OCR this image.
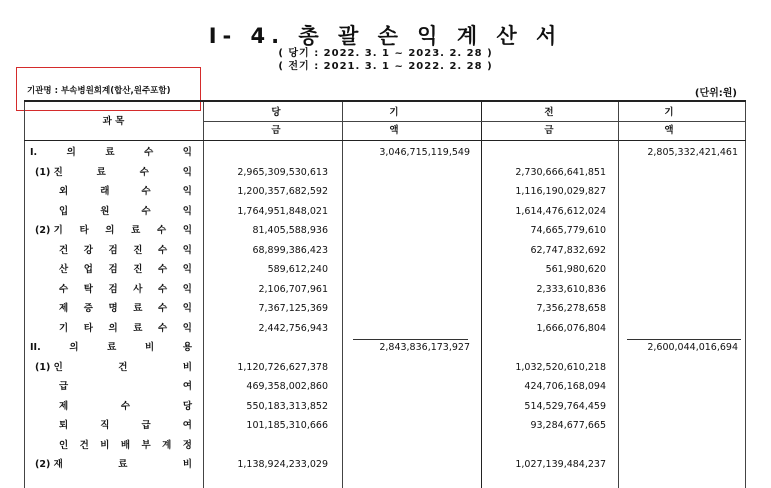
Ⅰ- 4. 총 괄 손 익 계 산 서
( 당기 : 2022. 3. 1 ~ 2023. 2. 28 )
( 전기 : 2021. 3. 1 ~ 2022. 2. 28 )
기관명 : 부속병원회계(합산,원주포함)	(단위:원)
과 목
당	기	전	기
금	액	금	액
I.	의	료	수	익	3,046,715,119,549	2,805,332,421,461
(1) 진	료	수	익	2,965,309,530,613	2,730,666,641,851
외	래	수	익	1,200,357,682,592	1,116,190,029,827
입	원	수	익	1,764,951,848,021	1,614,476,612,024
(2) 기 타 의 료 수 익	81,405,588,936	74,665,779,610
건 강 검 진 수 익	68,899,386,423	62,747,832,692
산 업 검 진 수 익	589,612,240	561,980,620
수 탁 검 사 수 익	2,106,707,961	2,333,610,836
제 증 명 료 수 익	7,367,125,369	7,356,278,658
기 타 의 료 수 익	2,442,756,943	1,666,076,804
II.	의	료	비	용	2,843,836,173,927	2,600,044,016,694
(1) 인	건	비	1,120,726,627,378	1,032,520,610,218
급	여	469,358,002,860	424,706,168,094
제	수	당	550,183,313,852	514,529,764,459
퇴	직	급	여	101,185,310,666	93,284,677,665
인 건 비 배 부 계 정
(2) 재	료	비	1,138,924,233,029	1,027,139,484,237
